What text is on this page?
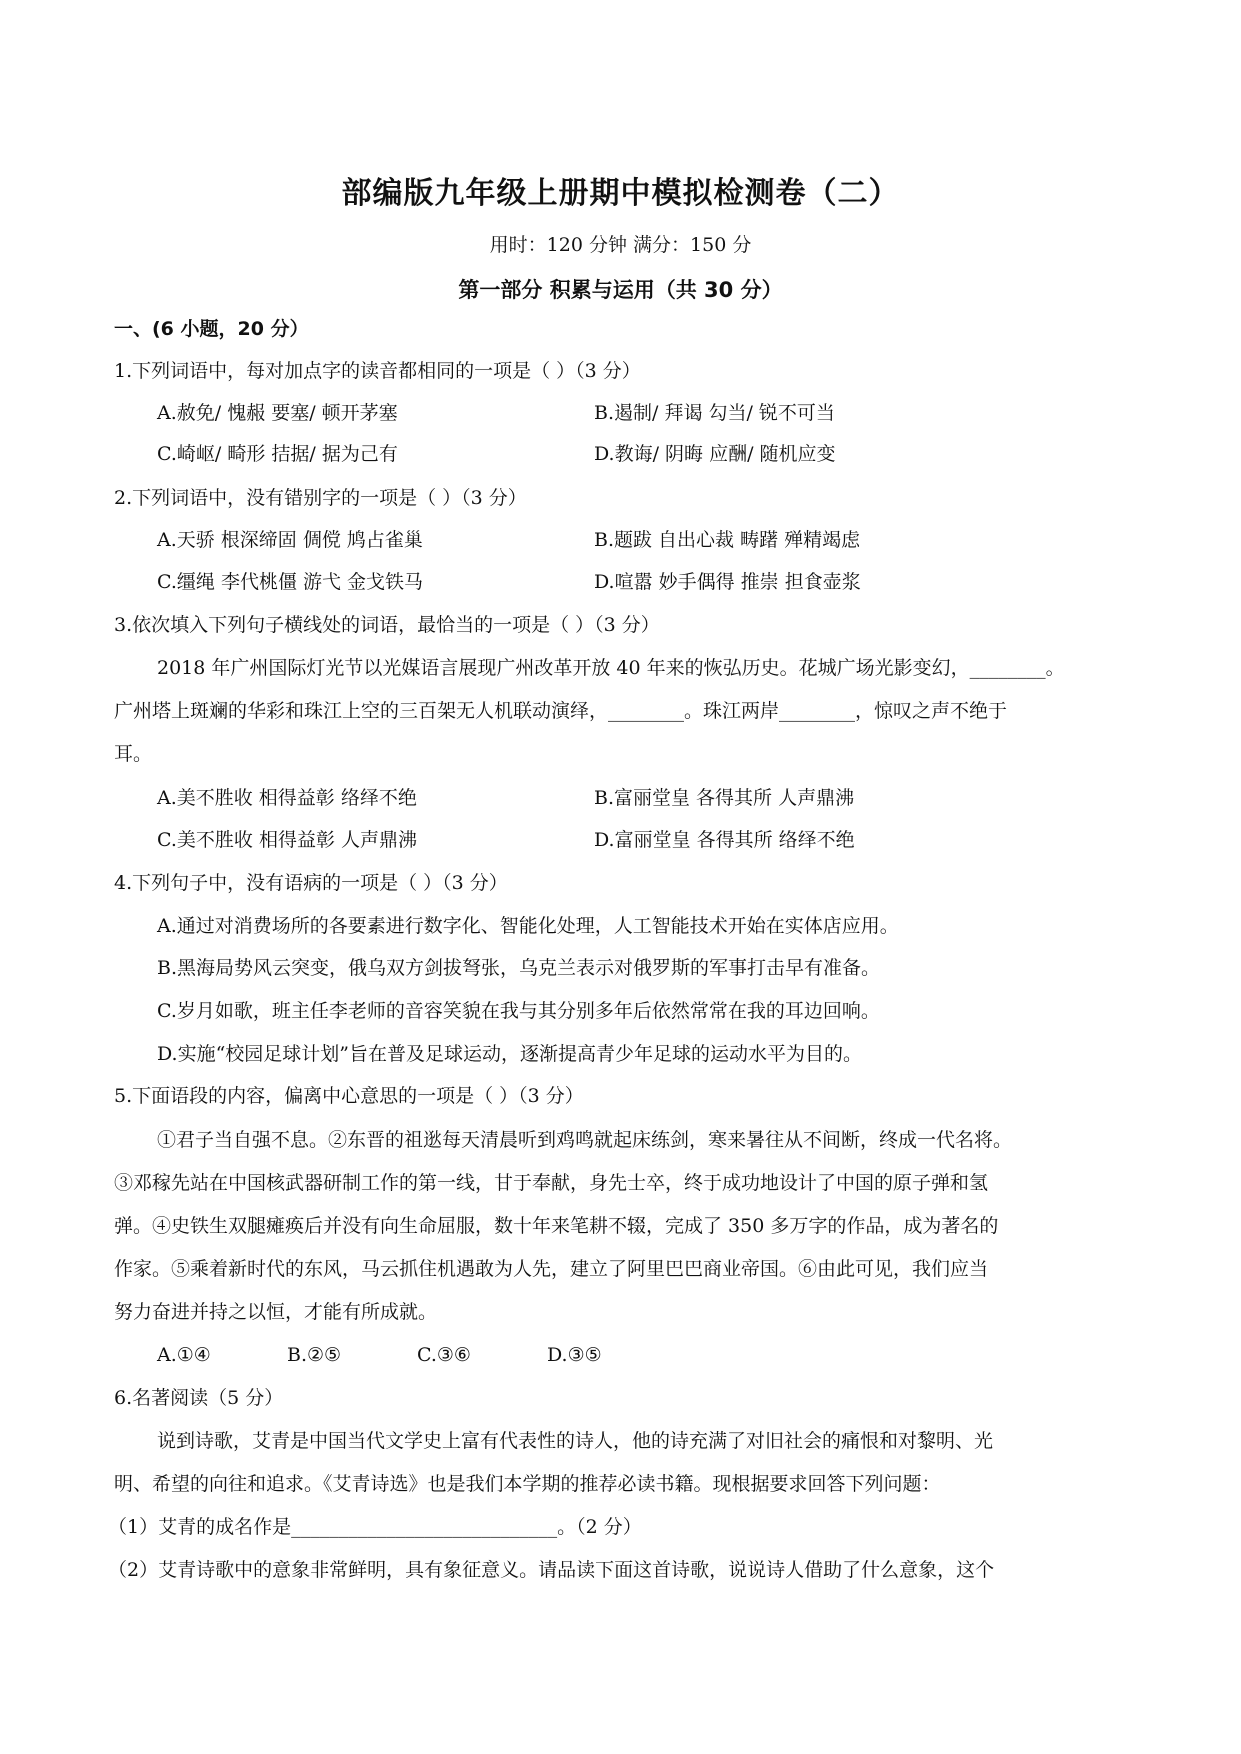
部编版九年级上册期中模拟检测卷（二）
用时：120 分钟 满分：150 分
第一部分 积累与运用（共 30 分）
一、(6 小题，20 分）
1.下列词语中，每对加点字的读音都相同的一项是（ ）（3 分）
A.赦免/ 愧赧 要塞/ 顿开茅塞	B.遏制/ 拜谒 勾当/ 锐不可当
C.崎岖/ 畸形 拮据/ 据为己有	D.教诲/ 阴晦 应酬/ 随机应变
2.下列词语中，没有错别字的一项是（ ）（3 分）
A.天骄 根深缔固 倜傥 鸠占雀巢	B.题跋 自出心裁 畴躇 殚精竭虑
C.缰绳 李代桃僵 游弋 金戈铁马	D.喧嚣 妙手偶得 推崇 担食壶浆
3.依次填入下列句子横线处的词语，最恰当的一项是（ ）（3 分）
2018 年广州国际灯光节以光媒语言展现广州改革开放 40 年来的恢弘历史。花城广场光影变幻，________。
广州塔上斑斓的华彩和珠江上空的三百架无人机联动演绎，________。珠江两岸________，惊叹之声不绝于
耳。
A.美不胜收 相得益彰 络绎不绝	B.富丽堂皇 各得其所 人声鼎沸
C.美不胜收 相得益彰 人声鼎沸	D.富丽堂皇 各得其所 络绎不绝
4.下列句子中，没有语病的一项是（ ）（3 分）
A.通过对消费场所的各要素进行数字化、智能化处理，人工智能技术开始在实体店应用。
B.黑海局势风云突变，俄乌双方剑拔弩张，乌克兰表示对俄罗斯的军事打击早有准备。
C.岁月如歌，班主任李老师的音容笑貌在我与其分别多年后依然常常在我的耳边回响。
D.实施“校园足球计划”旨在普及足球运动，逐渐提高青少年足球的运动水平为目的。
5.下面语段的内容，偏离中心意思的一项是（ ）（3 分）
①君子当自强不息。②东晋的祖逖每天清晨听到鸡鸣就起床练剑，寒来暑往从不间断，终成一代名将。
③邓稼先站在中国核武器研制工作的第一线，甘于奉献，身先士卒，终于成功地设计了中国的原子弹和氢
弹。④史铁生双腿瘫痪后并没有向生命屈服，数十年来笔耕不辍，完成了 350 多万字的作品，成为著名的
作家。⑤乘着新时代的东风，马云抓住机遇敢为人先，建立了阿里巴巴商业帝国。⑥由此可见，我们应当
努力奋进并持之以恒，才能有所成就。
A.①④	B.②⑤	C.③⑥	D.③⑤
6.名著阅读（5 分）
说到诗歌，艾青是中国当代文学史上富有代表性的诗人，他的诗充满了对旧社会的痛恨和对黎明、光
明、希望的向往和追求。《艾青诗选》也是我们本学期的推荐必读书籍。现根据要求回答下列问题：
（1）艾青的成名作是____________________________。（2 分）
（2）艾青诗歌中的意象非常鲜明，具有象征意义。请品读下面这首诗歌，说说诗人借助了什么意象，这个
